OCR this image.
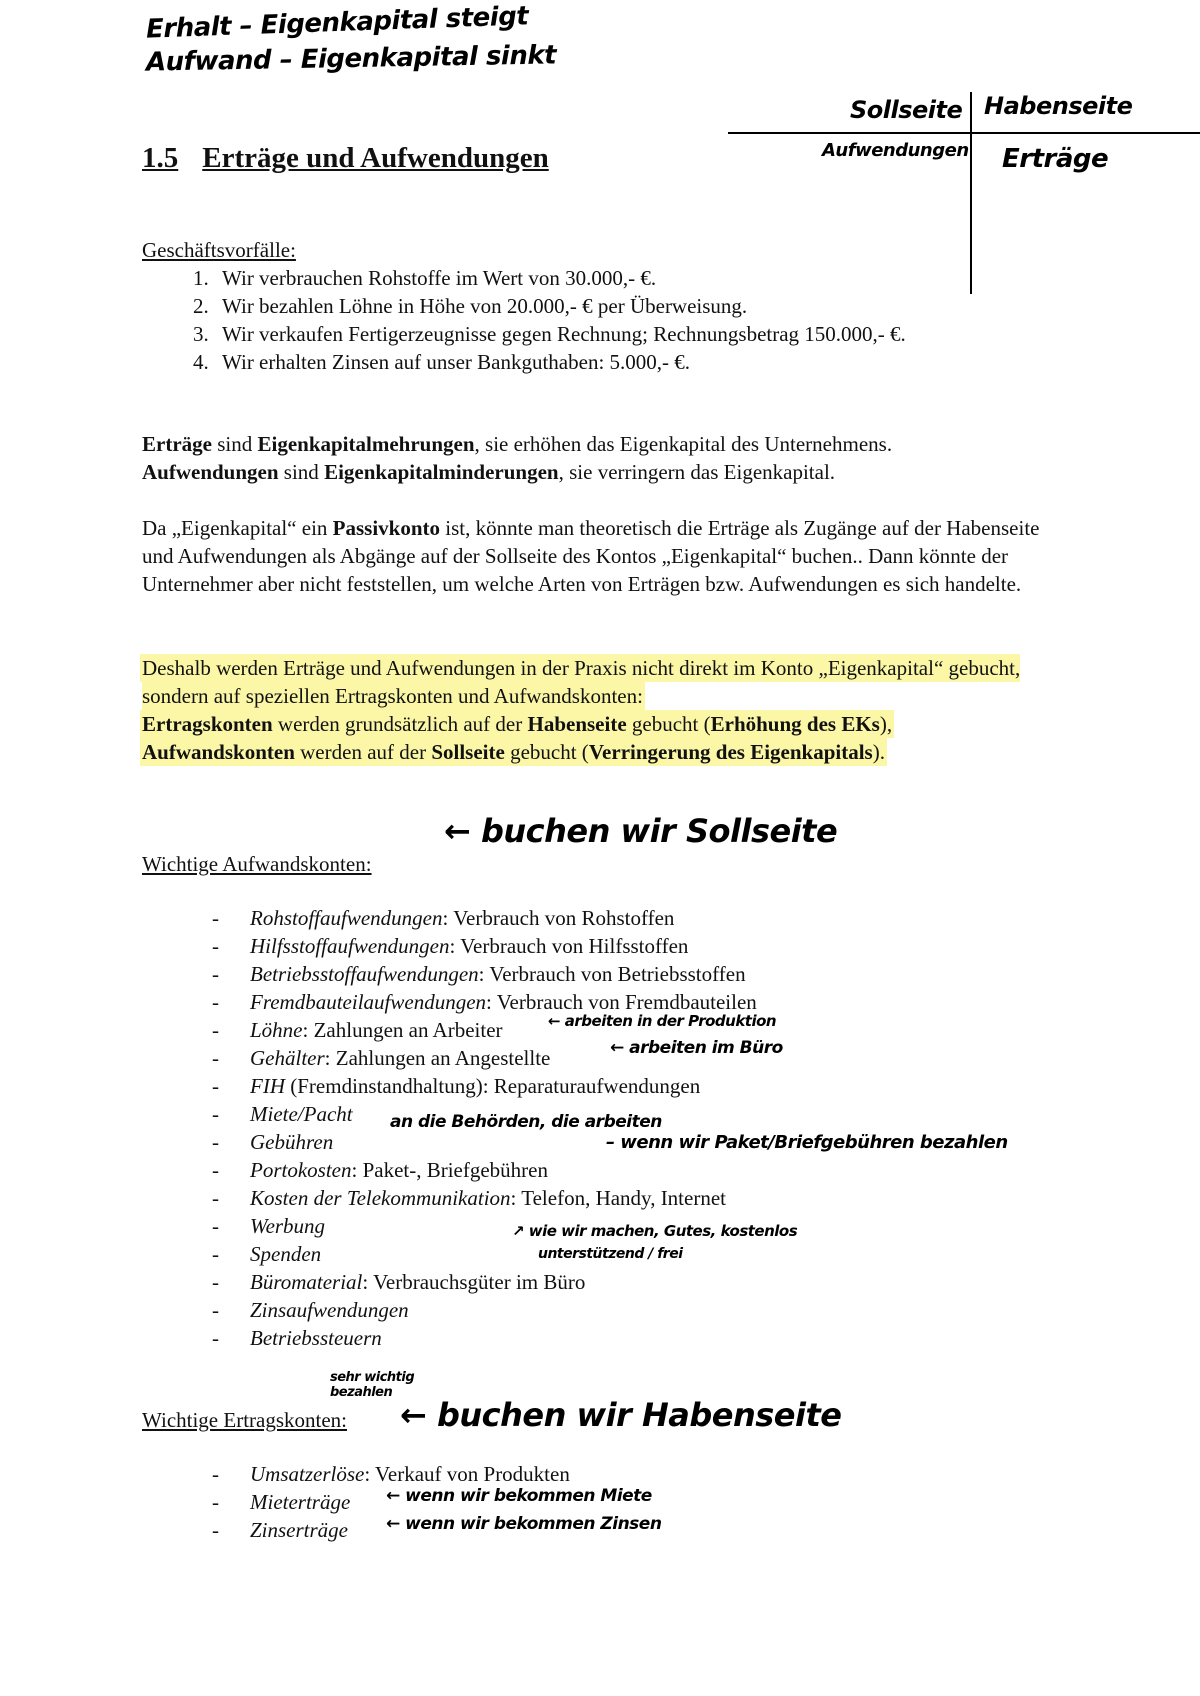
Erhalt – Eigenkapital steigt
Aufwand – Eigenkapital sinkt
Sollseite Habenseite
Aufwendungen Erträge
1.5 Erträge und Aufwendungen
Geschäftsvorfälle:
1. Wir verbrauchen Rohstoffe im Wert von 30.000,- €.
2. Wir bezahlen Löhne in Höhe von 20.000,- € per Überweisung.
3. Wir verkaufen Fertigerzeugnisse gegen Rechnung; Rechnungsbetrag 150.000,- €.
4. Wir erhalten Zinsen auf unser Bankguthaben: 5.000,- €.
Erträge sind Eigenkapitalmehrungen, sie erhöhen das Eigenkapital des Unternehmens.
Aufwendungen sind Eigenkapitalminderungen, sie verringern das Eigenkapital.
Da „Eigenkapital“ ein Passivkonto ist, könnte man theoretisch die Erträge als Zugänge auf der Habenseite und Aufwendungen als Abgänge auf der Sollseite des Kontos „Eigenkapital“ buchen.. Dann könnte der Unternehmer aber nicht feststellen, um welche Arten von Erträgen bzw. Aufwendungen es sich handelte.
Deshalb werden Erträge und Aufwendungen in der Praxis nicht direkt im Konto „Eigenkapital“ gebucht, sondern auf speziellen Ertragskonten und Aufwandskonten:
Ertragskonten werden grundsätzlich auf der Habenseite gebucht (Erhöhung des EKs),
Aufwandskonten werden auf der Sollseite gebucht (Verringerung des Eigenkapitals).
Wichtige Aufwandskonten:
← buchen wir Sollseite
- Rohstoffaufwendungen: Verbrauch von Rohstoffen
- Hilfsstoffaufwendungen: Verbrauch von Hilfsstoffen
- Betriebsstoffaufwendungen: Verbrauch von Betriebsstoffen
- Fremdbauteilaufwendungen: Verbrauch von Fremdbauteilen
- Löhne: Zahlungen an Arbeiter
- Gehälter: Zahlungen an Angestellte
- FIH (Fremdinstandhaltung): Reparaturaufwendungen
- Miete/Pacht
- Gebühren
- Portokosten: Paket-, Briefgebühren
- Kosten der Telekommunikation: Telefon, Handy, Internet
- Werbung
- Spenden
- Büromaterial: Verbrauchsgüter im Büro
- Zinsaufwendungen
- Betriebssteuern
← arbeiten in der Produktion
← arbeiten im Büro
an die Behörden, die arbeiten
– wenn wir Paket/Briefgebühren bezahlen
↗ wie wir machen, Gutes, kostenlos
unterstützend / frei
sehr wichtig bezahlen
Wichtige Ertragskonten: ← buchen wir Habenseite
- Umsatzerlöse: Verkauf von Produkten
- Mieterträge
- Zinserträge
← wenn wir bekommen Miete
← wenn wir bekommen Zinsen
